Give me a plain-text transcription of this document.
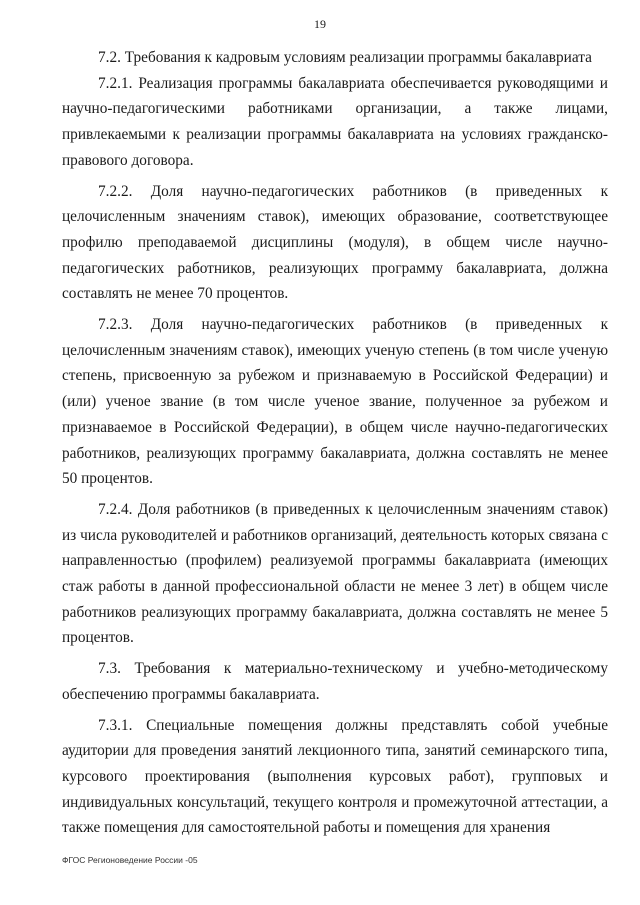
19

7.2. Требования к кадровым условиям реализации программы бакалавриата

7.2.1. Реализация программы бакалавриата обеспечивается руководящими и научно-педагогическими работниками организации, а также лицами, привлекаемыми к реализации программы бакалавриата на условиях гражданско-правового договора.

7.2.2. Доля научно-педагогических работников (в приведенных к целочисленным значениям ставок), имеющих образование, соответствующее профилю преподаваемой дисциплины (модуля), в общем числе научно-педагогических работников, реализующих программу бакалавриата, должна составлять не менее 70 процентов.

7.2.3. Доля научно-педагогических работников (в приведенных к целочисленным значениям ставок), имеющих ученую степень (в том числе ученую степень, присвоенную за рубежом и признаваемую в Российской Федерации) и (или) ученое звание (в том числе ученое звание, полученное за рубежом и признаваемое в Российской Федерации), в общем числе научно-педагогических работников, реализующих программу бакалавриата, должна составлять не менее 50 процентов.

7.2.4. Доля работников (в приведенных к целочисленным значениям ставок) из числа руководителей и работников организаций, деятельность которых связана с направленностью (профилем) реализуемой программы бакалавриата (имеющих стаж работы в данной профессиональной области не менее 3 лет) в общем числе работников реализующих программу бакалавриата, должна составлять не менее 5 процентов.

7.3. Требования к материально-техническому и учебно-методическому обеспечению программы бакалавриата.

7.3.1. Специальные помещения должны представлять собой учебные аудитории для проведения занятий лекционного типа, занятий семинарского типа, курсового проектирования (выполнения курсовых работ), групповых и индивидуальных консультаций, текущего контроля и промежуточной аттестации, а также помещения для самостоятельной работы и помещения для хранения

ФГОС Регионоведение России -05
